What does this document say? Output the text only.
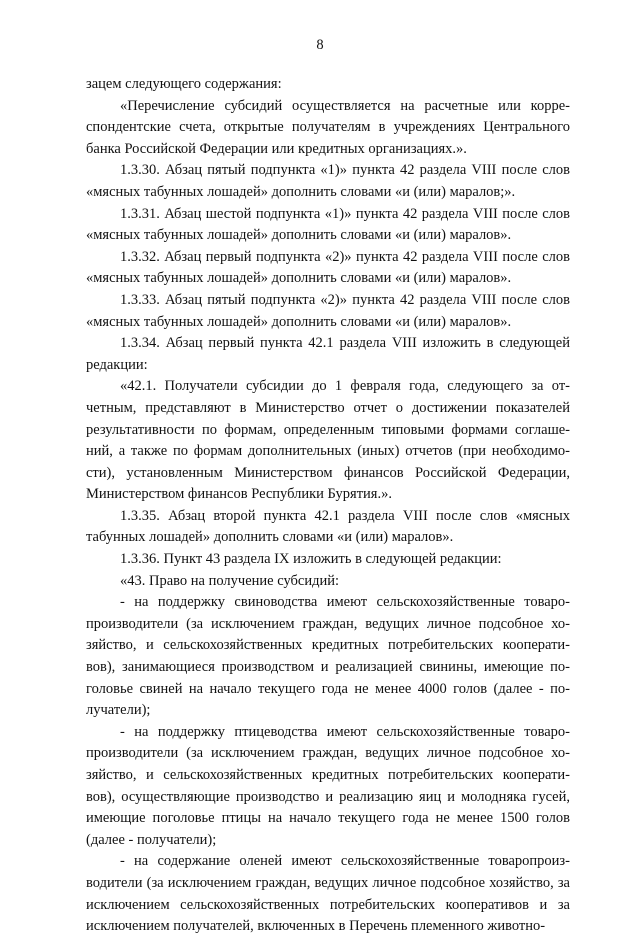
8

зацем следующего содержания:

«Перечисление субсидий осуществляется на расчетные или корре-спондентские счета, открытые получателям в учреждениях Центрального банка Российской Федерации или кредитных организациях.».

1.3.30. Абзац пятый подпункта «1)» пункта 42 раздела VIII после слов «мясных табунных лошадей» дополнить словами «и (или) маралов;».

1.3.31. Абзац шестой подпункта «1)» пункта 42 раздела VIII после слов «мясных табунных лошадей» дополнить словами «и (или) маралов».

1.3.32. Абзац первый подпункта «2)» пункта 42 раздела VIII после слов «мясных табунных лошадей» дополнить словами «и (или) маралов».

1.3.33. Абзац пятый подпункта «2)» пункта 42 раздела VIII после слов «мясных табунных лошадей» дополнить словами «и (или) маралов».

1.3.34. Абзац первый пункта 42.1 раздела VIII изложить в следующей редакции:

«42.1. Получатели субсидии до 1 февраля года, следующего за от-четным, представляют в Министерство отчет о достижении показателей результативности по формам, определенным типовыми формами соглаше-ний, а также по формам дополнительных (иных) отчетов (при необходимо-сти), установленным Министерством финансов Российской Федерации, Министерством финансов Республики Бурятия.».

1.3.35. Абзац второй пункта 42.1 раздела VIII после слов «мясных табунных лошадей» дополнить словами «и (или) маралов».

1.3.36. Пункт 43 раздела IX изложить в следующей редакции:

«43. Право на получение субсидий:

- на поддержку свиноводства имеют сельскохозяйственные товаро-производители (за исключением граждан, ведущих личное подсобное хо-зяйство, и сельскохозяйственных кредитных потребительских кооперати-вов), занимающиеся производством и реализацией свинины, имеющие по-головье свиней на начало текущего года не менее 4000 голов (далее - по-лучатели);

- на поддержку птицеводства имеют сельскохозяйственные товаро-производители (за исключением граждан, ведущих личное подсобное хо-зяйство, и сельскохозяйственных кредитных потребительских кооперати-вов), осуществляющие производство и реализацию яиц и молодняка гусей, имеющие поголовье птицы на начало текущего года не менее 1500 голов (далее - получатели);

- на содержание оленей имеют сельскохозяйственные товаропроиз-водители (за исключением граждан, ведущих личное подсобное хозяйство, за исключением сельскохозяйственных потребительских кооперативов и за исключением получателей, включенных в Перечень племенного животно-
